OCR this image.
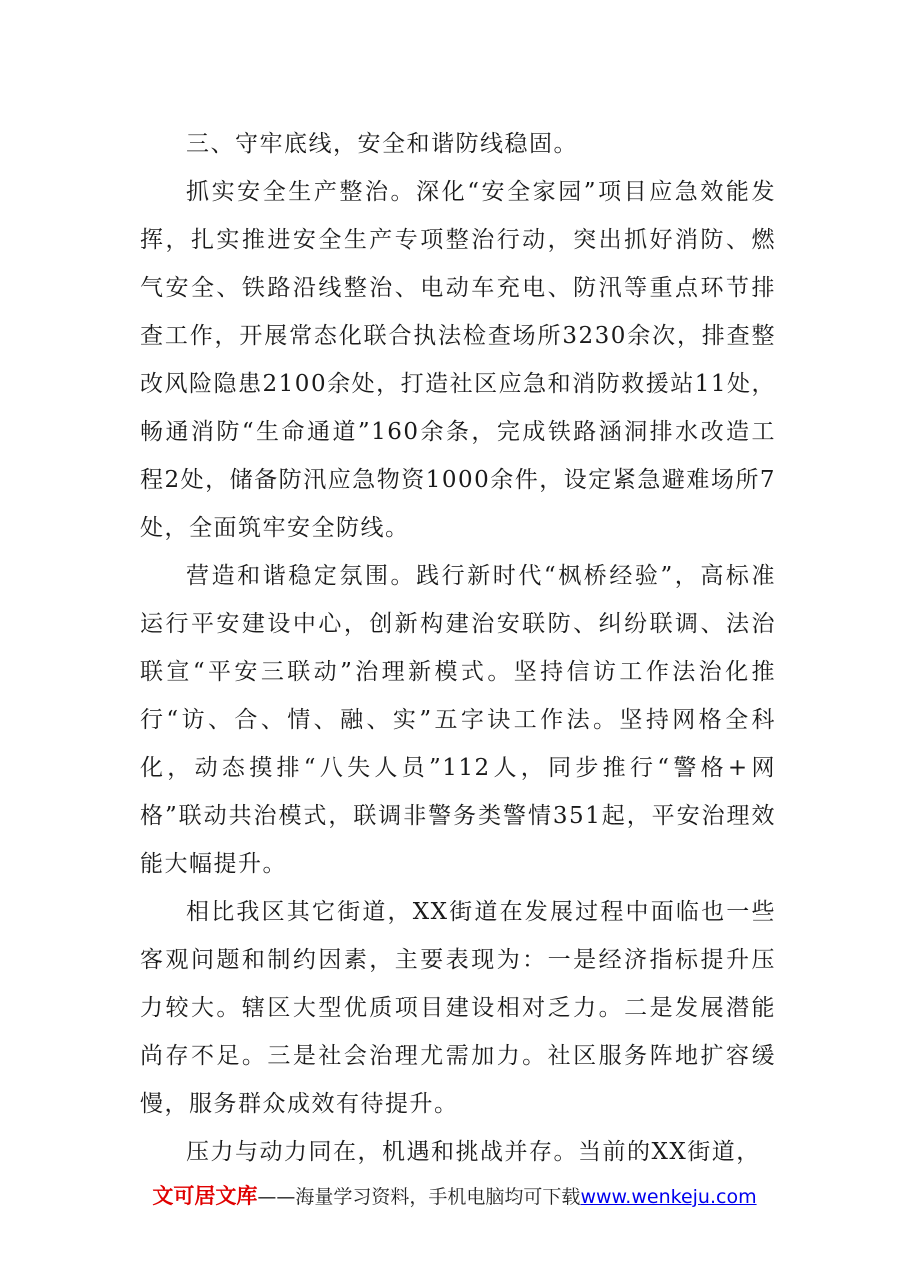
三、守牢底线，安全和谐防线稳固。

抓实安全生产整治。深化“安全家园”项目应急效能发挥，扎实推进安全生产专项整治行动，突出抓好消防、燃气安全、铁路沿线整治、电动车充电、防汛等重点环节排查工作，开展常态化联合执法检查场所3230余次，排查整改风险隐患2100余处，打造社区应急和消防救援站11处，畅通消防“生命通道”160余条，完成铁路涵洞排水改造工程2处，储备防汛应急物资1000余件，设定紧急避难场所7处，全面筑牢安全防线。

营造和谐稳定氛围。践行新时代“枫桥经验”，高标准运行平安建设中心，创新构建治安联防、纠纷联调、法治联宣“平安三联动”治理新模式。坚持信访工作法治化推行“访、合、情、融、实”五字诀工作法。坚持网格全科化，动态摸排“八失人员”112人，同步推行“警格+网格”联动共治模式，联调非警务类警情351起，平安治理效能大幅提升。

相比我区其它街道，XX街道在发展过程中面临也一些客观问题和制约因素，主要表现为：一是经济指标提升压力较大。辖区大型优质项目建设相对乏力。二是发展潜能尚存不足。三是社会治理尤需加力。社区服务阵地扩容缓慢，服务群众成效有待提升。

压力与动力同在，机遇和挑战并存。当前的XX街道，

文可居文库——海量学习资料，手机电脑均可下载www.wenkeju.com
